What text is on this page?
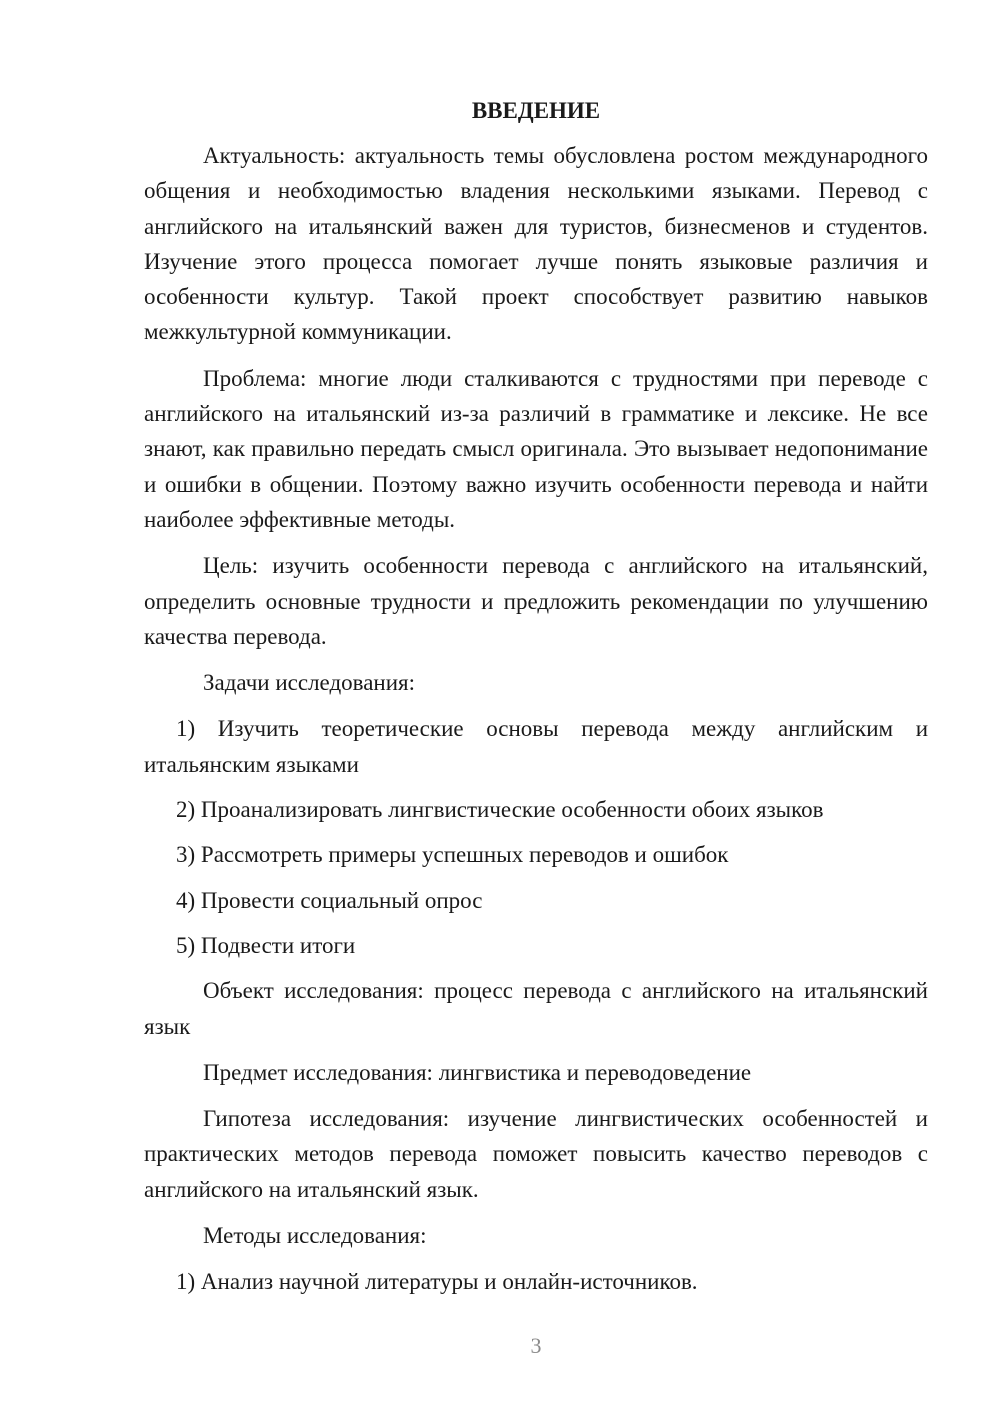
ВВЕДЕНИЕ

Актуальность: актуальность темы обусловлена ростом международного общения и необходимостью владения несколькими языками. Перевод с английского на итальянский важен для туристов, бизнесменов и студентов. Изучение этого процесса помогает лучше понять языковые различия и особенности культур. Такой проект способствует развитию навыков межкультурной коммуникации.

Проблема: многие люди сталкиваются с трудностями при переводе с английского на итальянский из-за различий в грамматике и лексике. Не все знают, как правильно передать смысл оригинала. Это вызывает недопонимание и ошибки в общении. Поэтому важно изучить особенности перевода и найти наиболее эффективные методы.

Цель: изучить особенности перевода с английского на итальянский, определить основные трудности и предложить рекомендации по улучшению качества перевода.

Задачи исследования:

1) Изучить теоретические основы перевода между английским и итальянским языками

2) Проанализировать лингвистические особенности обоих языков

3) Рассмотреть примеры успешных переводов и ошибок

4) Провести социальный опрос

5) Подвести итоги

Объект исследования: процесс перевода с английского на итальянский язык

Предмет исследования: лингвистика и переводоведение

Гипотеза исследования: изучение лингвистических особенностей и практических методов перевода поможет повысить качество переводов с английского на итальянский язык.

Методы исследования:

1) Анализ научной литературы и онлайн-источников.

3
